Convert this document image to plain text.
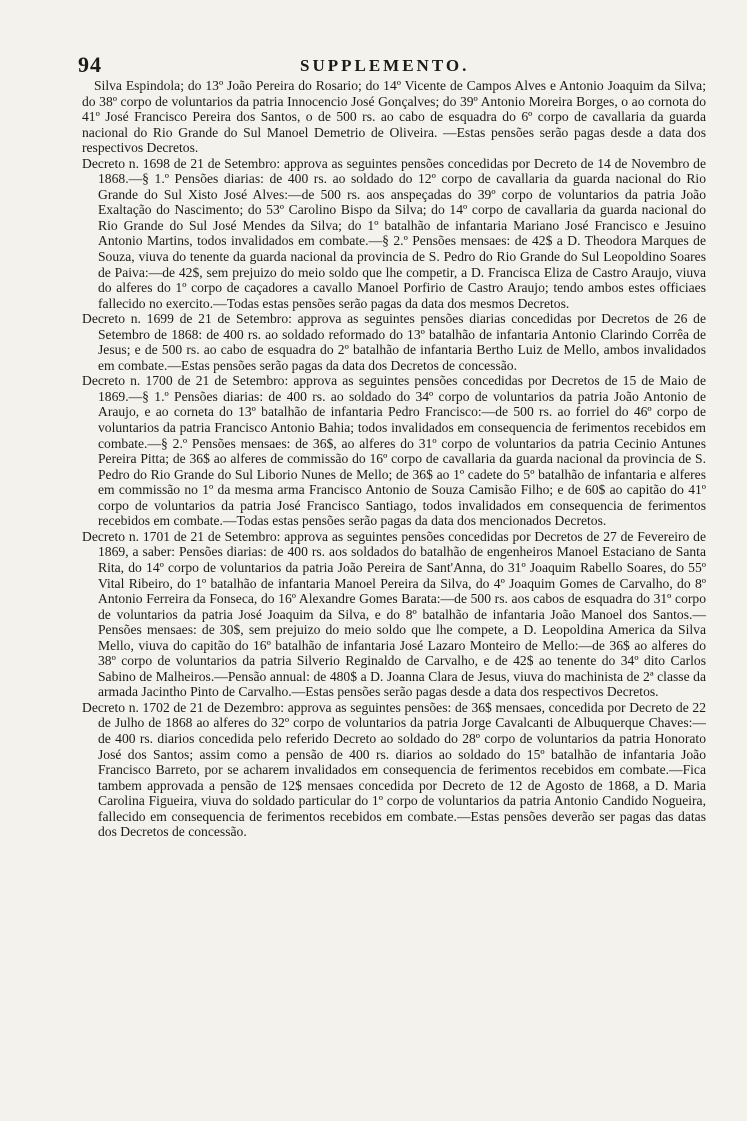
94	SUPPLEMENTO.

Silva Espindola; do 13º João Pereira do Rosario; do 14º Vicente de Campos Alves e Antonio Joaquim da Silva; do 38º corpo de voluntarios da patria Innocencio José Gonçalves; do 39º Antonio Moreira Borges, o ao cornota do 41º José Francisco Pereira dos Santos, o de 500 rs. ao cabo de esquadra do 6º corpo de cavallaria da guarda nacional do Rio Grande do Sul Manoel Demetrio de Oliveira. —Estas pensões serão pagas desde a data dos respectivos Decretos.

Decreto n. 1698 de 21 de Setembro: approva as seguintes pensões concedidas por Decreto de 14 de Novembro de 1868.—§ 1.º Pensões diarias: de 400 rs. ao soldado do 12º corpo de cavallaria da guarda nacional do Rio Grande do Sul Xisto José Alves:—de 500 rs. aos anspeçadas do 39º corpo de voluntarios da patria João Exaltação do Nascimento; do 53º Carolino Bispo da Silva; do 14º corpo de cavallaria da guarda nacional do Rio Grande do Sul José Mendes da Silva; do 1º batalhão de infantaria Mariano José Francisco e Jesuino Antonio Martins, todos invalidados em combate.—§ 2.º Pensões mensaes: de 42$ a D. Theodora Marques de Souza, viuva do tenente da guarda nacional da provincia de S. Pedro do Rio Grande do Sul Leopoldino Soares de Paiva:—de 42$, sem prejuizo do meio soldo que lhe competir, a D. Francisca Eliza de Castro Araujo, viuva do alferes do 1º corpo de caçadores a cavallo Manoel Porfirio de Castro Araujo; tendo ambos estes officiaes fallecido no exercito.—Todas estas pensões serão pagas da data dos mesmos Decretos.

Decreto n. 1699 de 21 de Setembro: approva as seguintes pensões diarias concedidas por Decretos de 26 de Setembro de 1868: de 400 rs. ao soldado reformado do 13º batalhão de infantaria Antonio Clarindo Corrêa de Jesus; e de 500 rs. ao cabo de esquadra do 2º batalhão de infantaria Bertho Luiz de Mello, ambos invalidados em combate.—Estas pensões serão pagas da data dos Decretos de concessão.

Decreto n. 1700 de 21 de Setembro: approva as seguintes pensões concedidas por Decretos de 15 de Maio de 1869.—§ 1.º Pensões diarias: de 400 rs. ao soldado do 34º corpo de voluntarios da patria João Antonio de Araujo, e ao corneta do 13º batalhão de infantaria Pedro Francisco:—de 500 rs. ao forriel do 46º corpo de voluntarios da patria Francisco Antonio Bahia; todos invalidados em consequencia de ferimentos recebidos em combate.—§ 2.º Pensões mensaes: de 36$, ao alferes do 31º corpo de voluntarios da patria Cecinio Antunes Pereira Pitta; de 36$ ao alferes de commissão do 16º corpo de cavallaria da guarda nacional da provincia de S. Pedro do Rio Grande do Sul Liborio Nunes de Mello; de 36$ ao 1º cadete do 5º batalhão de infantaria e alferes em commissão no 1º da mesma arma Francisco Antonio de Souza Camisão Filho; e de 60$ ao capitão do 41º corpo de voluntarios da patria José Francisco Santiago, todos invalidados em consequencia de ferimentos recebidos em combate.—Todas estas pensões serão pagas da data dos mencionados Decretos.

Decreto n. 1701 de 21 de Setembro: approva as seguintes pensões concedidas por Decretos de 27 de Fevereiro de 1869, a saber: Pensões diarias: de 400 rs. aos soldados do batalhão de engenheiros Manoel Estaciano de Santa Rita, do 14º corpo de voluntarios da patria João Pereira de Sant'Anna, do 31º Joaquim Rabello Soares, do 55º Vital Ribeiro, do 1º batalhão de infantaria Manoel Pereira da Silva, do 4º Joaquim Gomes de Carvalho, do 8º Antonio Ferreira da Fonseca, do 16º Alexandre Gomes Barata:—de 500 rs. aos cabos de esquadra do 31º corpo de voluntarios da patria José Joaquim da Silva, e do 8º batalhão de infantaria João Manoel dos Santos.—Pensões mensaes: de 30$, sem prejuizo do meio soldo que lhe compete, a D. Leopoldina America da Silva Mello, viuva do capitão do 16º batalhão de infantaria José Lazaro Monteiro de Mello:—de 36$ ao alferes do 38º corpo de voluntarios da patria Silverio Reginaldo de Carvalho, e de 42$ ao tenente do 34º dito Carlos Sabino de Malheiros.—Pensão annual: de 480$ a D. Joanna Clara de Jesus, viuva do machinista de 2ª classe da armada Jacintho Pinto de Carvalho.—Estas pensões serão pagas desde a data dos respectivos Decretos.

Decreto n. 1702 de 21 de Dezembro: approva as seguintes pensões: de 36$ mensaes, concedida por Decreto de 22 de Julho de 1868 ao alferes do 32º corpo de voluntarios da patria Jorge Cavalcanti de Albuquerque Chaves:—de 400 rs. diarios concedida pelo referido Decreto ao soldado do 28º corpo de voluntarios da patria Honorato José dos Santos; assim como a pensão de 400 rs. diarios ao soldado do 15º batalhão de infantaria João Francisco Barreto, por se acharem invalidados em consequencia de ferimentos recebidos em combate.—Fica tambem approvada a pensão de 12$ mensaes concedida por Decreto de 12 de Agosto de 1868, a D. Maria Carolina Figueira, viuva do soldado particular do 1º corpo de voluntarios da patria Antonio Candido Nogueira, fallecido em consequencia de ferimentos recebidos em combate.—Estas pensões deverão ser pagas das datas dos Decretos de concessão.
